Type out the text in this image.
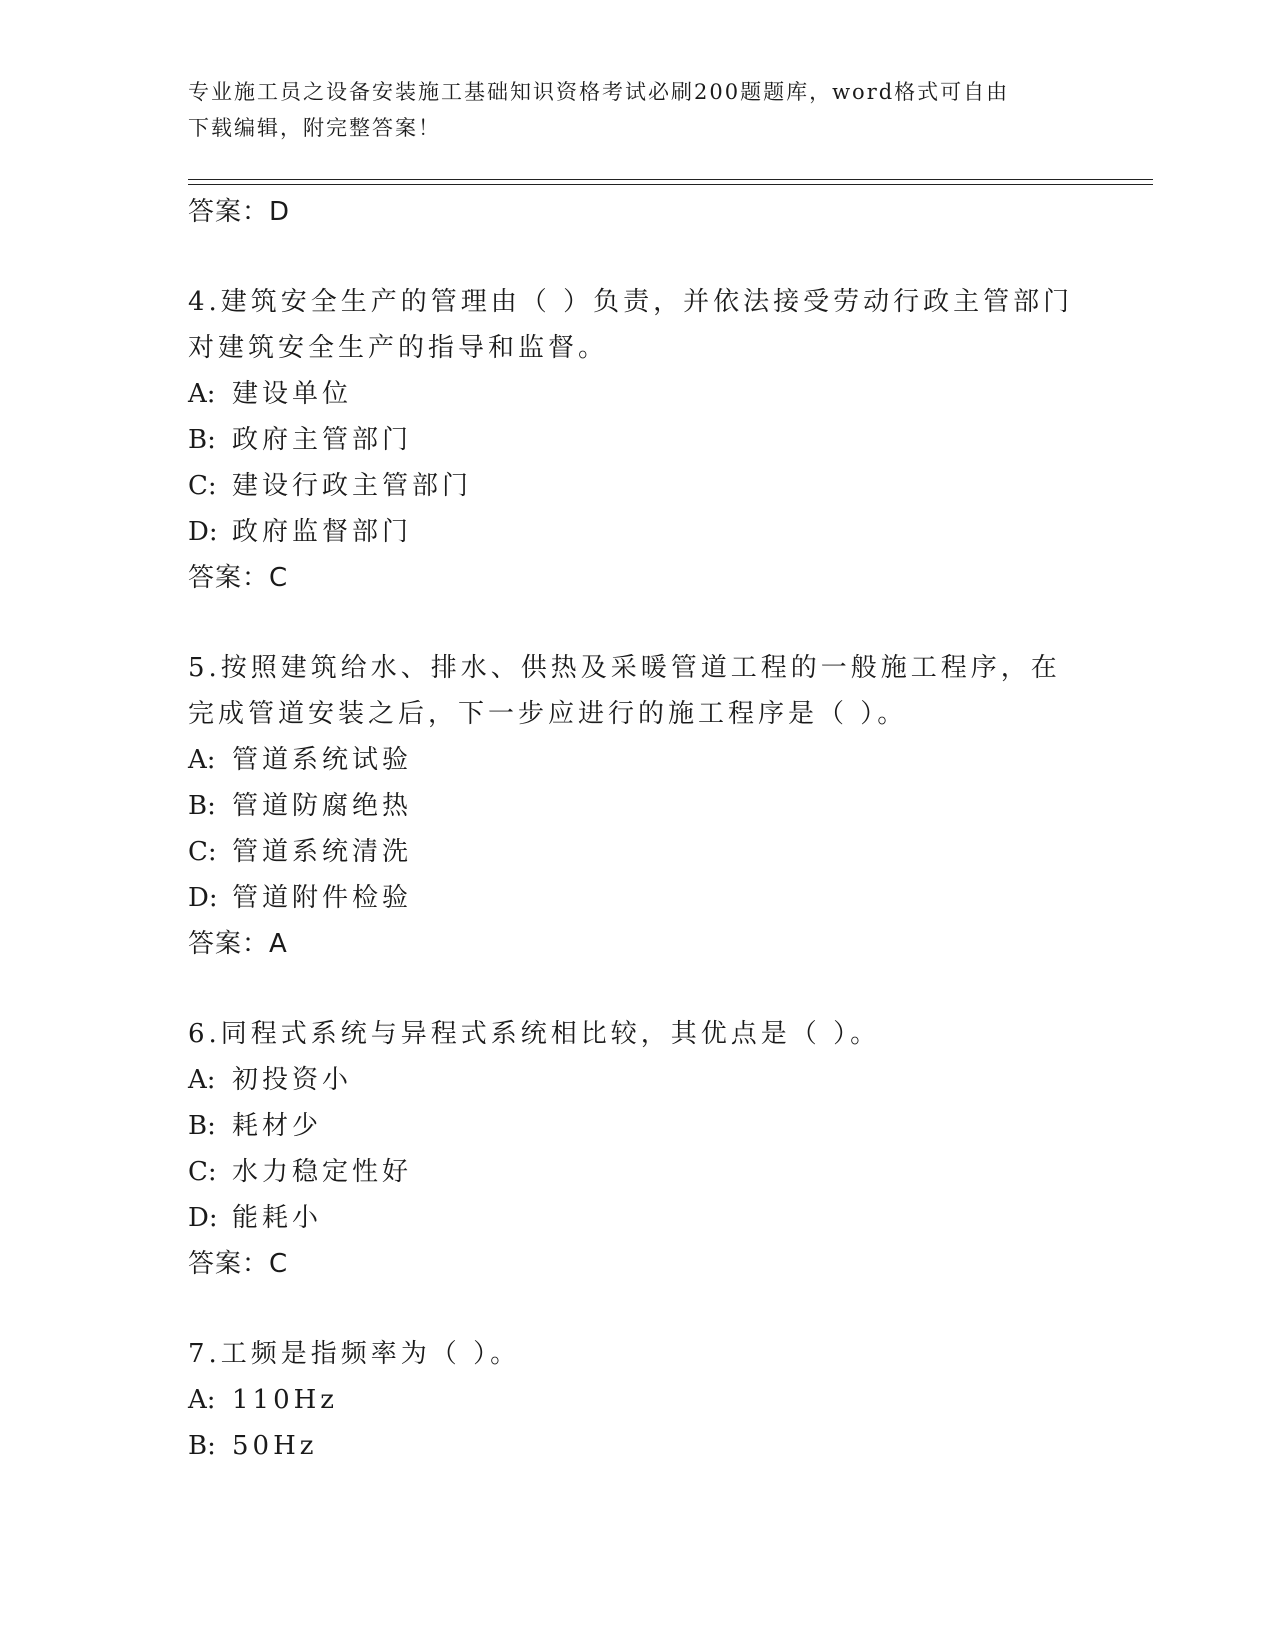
专业施工员之设备安装施工基础知识资格考试必刷200题题库，word格式可自由
下载编辑，附完整答案！
答案：D
4.建筑安全生产的管理由（ ）负责，并依法接受劳动行政主管部门对建筑安全生产的指导和监督。
A: 建设单位
B: 政府主管部门
C: 建设行政主管部门
D: 政府监督部门
答案：C
5.按照建筑给水、排水、供热及采暖管道工程的一般施工程序，在完成管道安装之后，下一步应进行的施工程序是（ ）。
A: 管道系统试验
B: 管道防腐绝热
C: 管道系统清洗
D: 管道附件检验
答案：A
6.同程式系统与异程式系统相比较，其优点是（ ）。
A: 初投资小
B: 耗材少
C: 水力稳定性好
D: 能耗小
答案：C
7.工频是指频率为（ ）。
A: 110Hz
B: 50Hz
